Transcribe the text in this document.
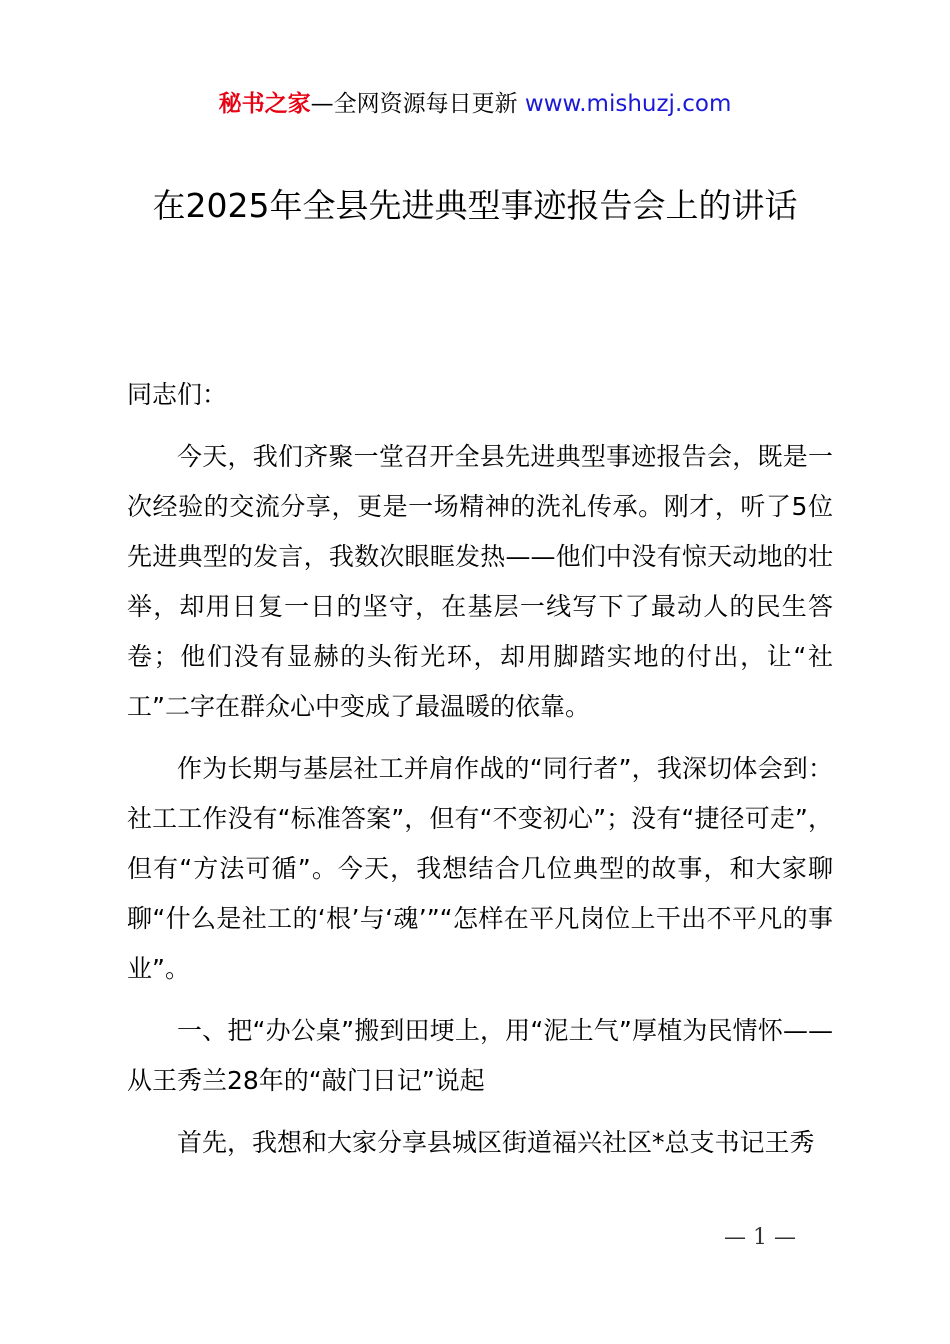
秘书之家—全网资源每日更新 www.mishuzj.com
在2025年全县先进典型事迹报告会上的讲话

同志们：

今天，我们齐聚一堂召开全县先进典型事迹报告会，既是一次经验的交流分享，更是一场精神的洗礼传承。刚才，听了5位先进典型的发言，我数次眼眶发热——他们中没有惊天动地的壮举，却用日复一日的坚守，在基层一线写下了最动人的民生答卷；他们没有显赫的头衔光环，却用脚踏实地的付出，让“社工”二字在群众心中变成了最温暖的依靠。

作为长期与基层社工并肩作战的“同行者”，我深切体会到：社工工作没有“标准答案”，但有“不变初心”；没有“捷径可走”，但有“方法可循”。今天，我想结合几位典型的故事，和大家聊聊“什么是社工的‘根’与‘魂’”“怎样在平凡岗位上干出不平凡的事业”。

一、把“办公桌”搬到田埂上，用“泥土气”厚植为民情怀——从王秀兰28年的“敲门日记”说起

首先，我想和大家分享县城区街道福兴社区*总支书记王秀

— 1 —
